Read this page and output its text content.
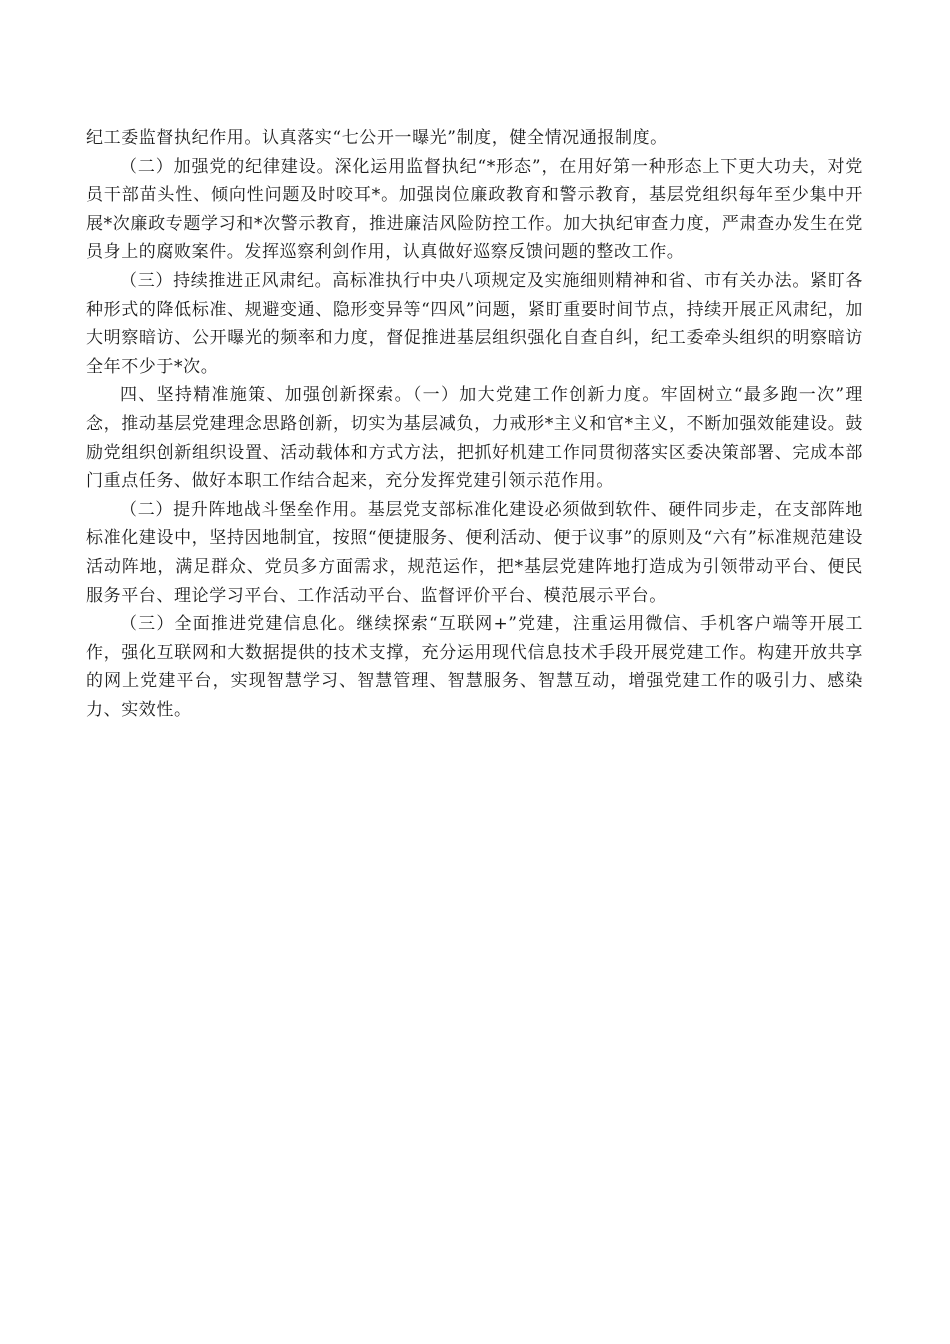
纪工委监督执纪作用。认真落实“七公开一曝光”制度，健全情况通报制度。

（二）加强党的纪律建设。深化运用监督执纪“*形态”，在用好第一种形态上下更大功夫，对党员干部苗头性、倾向性问题及时咬耳*。加强岗位廉政教育和警示教育，基层党组织每年至少集中开展*次廉政专题学习和*次警示教育，推进廉洁风险防控工作。加大执纪审查力度，严肃查办发生在党员身上的腐败案件。发挥巡察利剑作用，认真做好巡察反馈问题的整改工作。

（三）持续推进正风肃纪。高标准执行中央八项规定及实施细则精神和省、市有关办法。紧盯各种形式的降低标准、规避变通、隐形变异等“四风”问题，紧盯重要时间节点，持续开展正风肃纪，加大明察暗访、公开曝光的频率和力度，督促推进基层组织强化自查自纠，纪工委牵头组织的明察暗访全年不少于*次。

四、坚持精准施策、加强创新探索。（一）加大党建工作创新力度。牢固树立“最多跑一次”理念，推动基层党建理念思路创新，切实为基层减负，力戒形*主义和官*主义，不断加强效能建设。鼓励党组织创新组织设置、活动载体和方式方法，把抓好机建工作同贯彻落实区委决策部署、完成本部门重点任务、做好本职工作结合起来，充分发挥党建引领示范作用。

（二）提升阵地战斗堡垒作用。基层党支部标准化建设必须做到软件、硬件同步走，在支部阵地标准化建设中，坚持因地制宜，按照“便捷服务、便利活动、便于议事”的原则及“六有”标准规范建设活动阵地，满足群众、党员多方面需求，规范运作，把*基层党建阵地打造成为引领带动平台、便民服务平台、理论学习平台、工作活动平台、监督评价平台、模范展示平台。

（三）全面推进党建信息化。继续探索“互联网+”党建，注重运用微信、手机客户端等开展工作，强化互联网和大数据提供的技术支撑，充分运用现代信息技术手段开展党建工作。构建开放共享的网上党建平台，实现智慧学习、智慧管理、智慧服务、智慧互动，增强党建工作的吸引力、感染力、实效性。
